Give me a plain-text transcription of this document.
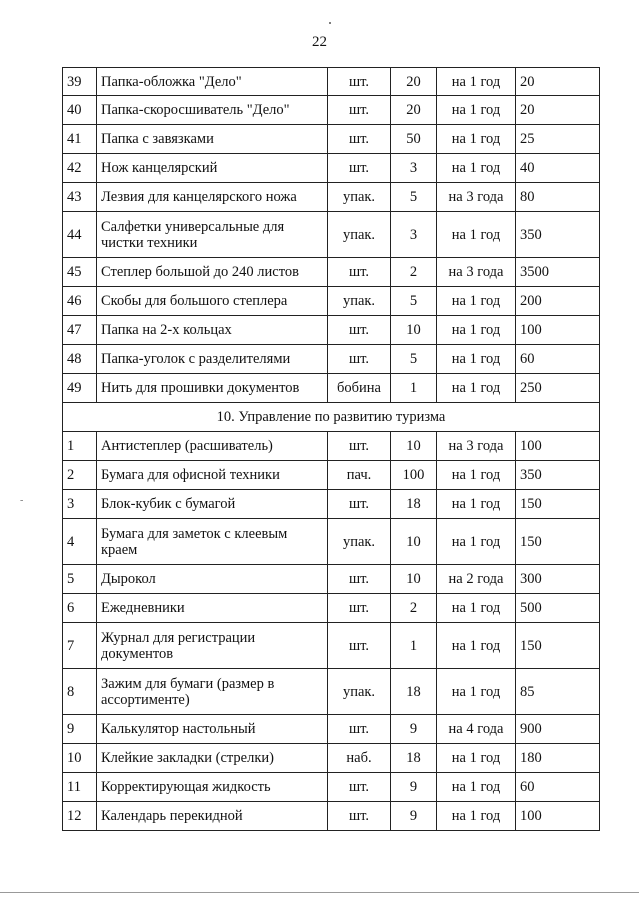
22
39	Папка-обложка "Дело"	шт.	20	на 1 год	20
40	Папка-скоросшиватель "Дело"	шт.	20	на 1 год	20
41	Папка с завязками	шт.	50	на 1 год	25
42	Нож канцелярский	шт.	3	на 1 год	40
43	Лезвия для канцелярского ножа	упак.	5	на 3 года	80
44	Салфетки универсальные для чистки техники	упак.	3	на 1 год	350
45	Степлер большой до 240 листов	шт.	2	на 3 года	3500
46	Скобы для большого степлера	упак.	5	на 1 год	200
47	Папка на 2-х кольцах	шт.	10	на 1 год	100
48	Папка-уголок с разделителями	шт.	5	на 1 год	60
49	Нить для прошивки документов	бобина	1	на 1 год	250
10. Управление по развитию туризма					
1	Антистеплер (расшиватель)	шт.	10	на 3 года	100
2	Бумага для офисной техники	пач.	100	на 1 год	350
3	Блок-кубик с бумагой	шт.	18	на 1 год	150
4	Бумага для заметок с клеевым краем	упак.	10	на 1 год	150
5	Дырокол	шт.	10	на 2 года	300
6	Ежедневники	шт.	2	на 1 год	500
7	Журнал для регистрации документов	шт.	1	на 1 год	150
8	Зажим для бумаги (размер в ассортименте)	упак.	18	на 1 год	85
9	Калькулятор настольный	шт.	9	на 4 года	900
10	Клейкие закладки (стрелки)	наб.	18	на 1 год	180
11	Корректирующая жидкость	шт.	9	на 1 год	60
12	Календарь перекидной	шт.	9	на 1 год	100
-
